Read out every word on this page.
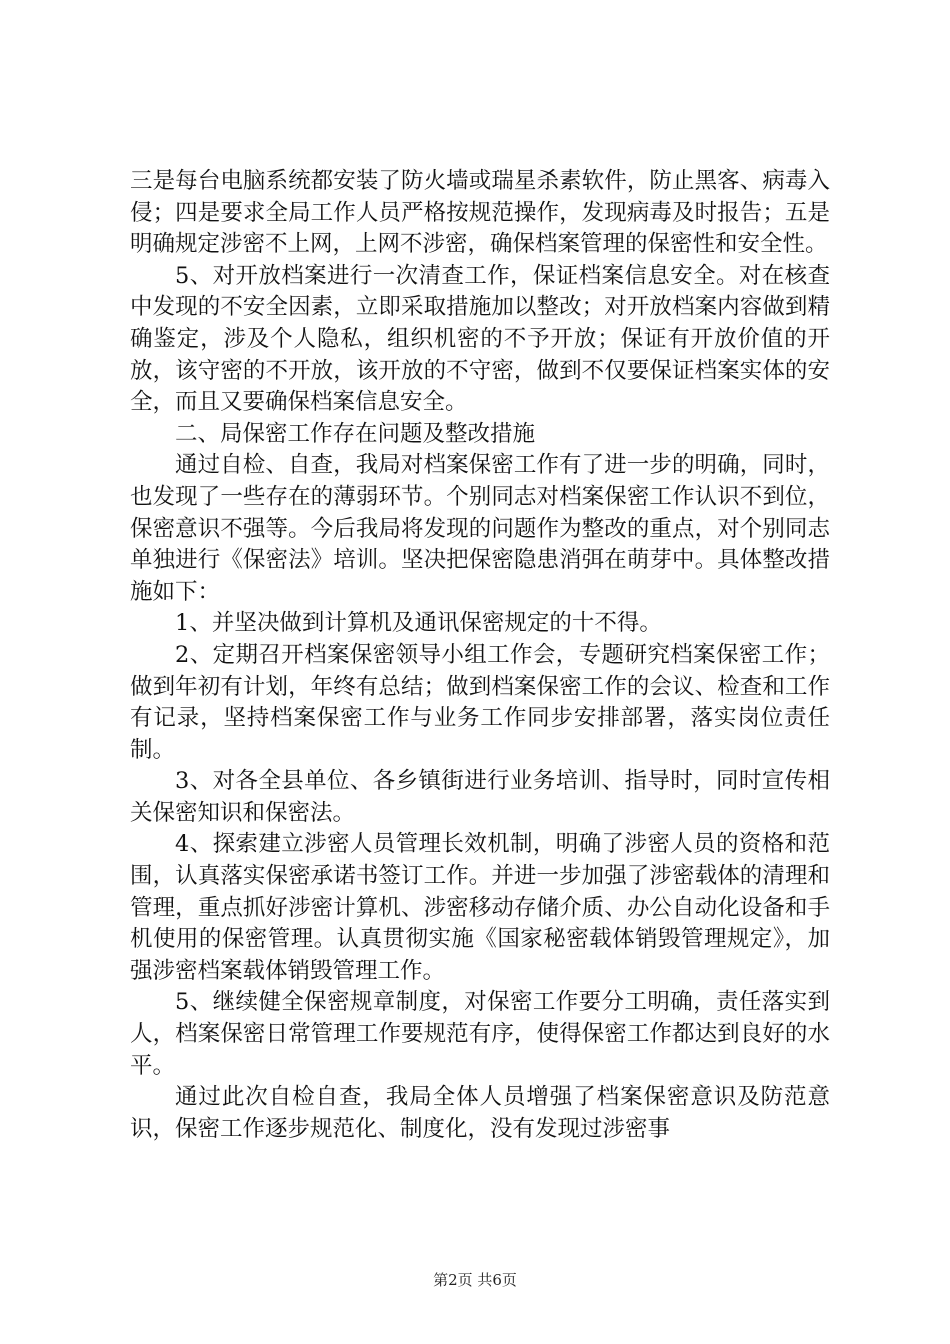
三是每台电脑系统都安装了防火墙或瑞星杀素软件，防止黑客、病毒入侵；四是要求全局工作人员严格按规范操作，发现病毒及时报告；五是明确规定涉密不上网，上网不涉密，确保档案管理的保密性和安全性。

5、对开放档案进行一次清查工作，保证档案信息安全。对在核查中发现的不安全因素，立即采取措施加以整改；对开放档案内容做到精确鉴定，涉及个人隐私，组织机密的不予开放；保证有开放价值的开放，该守密的不开放，该开放的不守密，做到不仅要保证档案实体的安全，而且又要确保档案信息安全。

二、局保密工作存在问题及整改措施

通过自检、自查，我局对档案保密工作有了进一步的明确，同时，也发现了一些存在的薄弱环节。个别同志对档案保密工作认识不到位，保密意识不强等。今后我局将发现的问题作为整改的重点，对个别同志单独进行《保密法》培训。坚决把保密隐患消弭在萌芽中。具体整改措施如下：

1、并坚决做到计算机及通讯保密规定的十不得。

2、定期召开档案保密领导小组工作会，专题研究档案保密工作；做到年初有计划，年终有总结；做到档案保密工作的会议、检查和工作有记录，坚持档案保密工作与业务工作同步安排部署，落实岗位责任制。

3、对各全县单位、各乡镇街进行业务培训、指导时，同时宣传相关保密知识和保密法。

4、探索建立涉密人员管理长效机制，明确了涉密人员的资格和范围，认真落实保密承诺书签订工作。并进一步加强了涉密载体的清理和管理，重点抓好涉密计算机、涉密移动存储介质、办公自动化设备和手机使用的保密管理。认真贯彻实施《国家秘密载体销毁管理规定》，加强涉密档案载体销毁管理工作。

5、继续健全保密规章制度，对保密工作要分工明确，责任落实到人，档案保密日常管理工作要规范有序，使得保密工作都达到良好的水平。

通过此次自检自查，我局全体人员增强了档案保密意识及防范意识，保密工作逐步规范化、制度化，没有发现过涉密事

第2页 共6页
